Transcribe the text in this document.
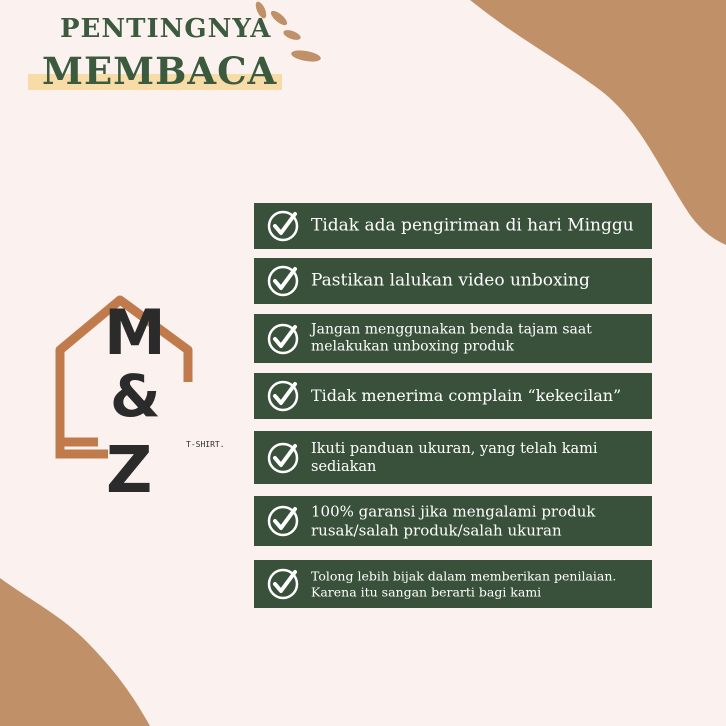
PENTINGNYA
MEMBACA
M
&
Z	T-SHIRT.
Tidak ada pengiriman di hari Minggu
Pastikan lalukan video unboxing
Jangan menggunakan benda tajam saat melakukan unboxing produk
Tidak menerima complain “kekecilan”
Ikuti panduan ukuran, yang telah kami sediakan
100% garansi jika mengalami produk rusak/salah produk/salah ukuran
Tolong lebih bijak dalam memberikan penilaian. Karena itu sangan berarti bagi kami
